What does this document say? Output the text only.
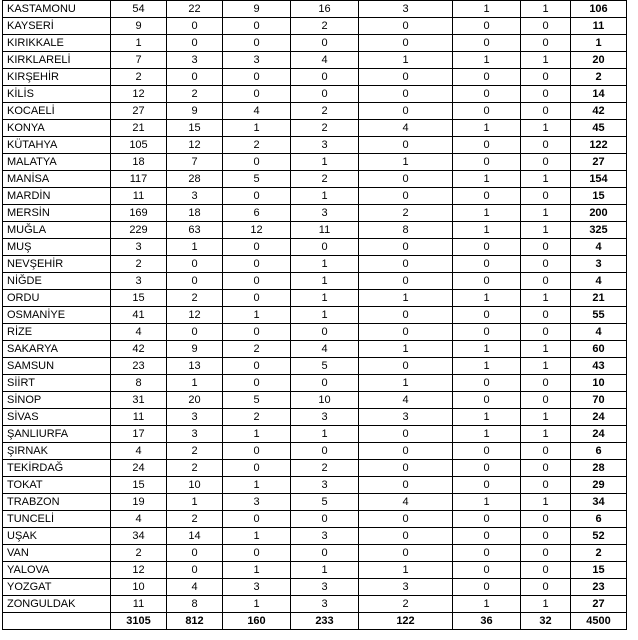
KASTAMONU	54	22	9	16	3	1	1	106
KAYSERİ	9	0	0	2	0	0	0	11
KIRIKKALE	1	0	0	0	0	0	0	1
KIRKLARELİ	7	3	3	4	1	1	1	20
KIRŞEHİR	2	0	0	0	0	0	0	2
KİLİS	12	2	0	0	0	0	0	14
KOCAELİ	27	9	4	2	0	0	0	42
KONYA	21	15	1	2	4	1	1	45
KÜTAHYA	105	12	2	3	0	0	0	122
MALATYA	18	7	0	1	1	0	0	27
MANİSA	117	28	5	2	0	1	1	154
MARDİN	11	3	0	1	0	0	0	15
MERSİN	169	18	6	3	2	1	1	200
MUĞLA	229	63	12	11	8	1	1	325
MUŞ	3	1	0	0	0	0	0	4
NEVŞEHİR	2	0	0	1	0	0	0	3
NİĞDE	3	0	0	1	0	0	0	4
ORDU	15	2	0	1	1	1	1	21
OSMANİYE	41	12	1	1	0	0	0	55
RİZE	4	0	0	0	0	0	0	4
SAKARYA	42	9	2	4	1	1	1	60
SAMSUN	23	13	0	5	0	1	1	43
SİİRT	8	1	0	0	1	0	0	10
SİNOP	31	20	5	10	4	0	0	70
SİVAS	11	3	2	3	3	1	1	24
ŞANLIURFA	17	3	1	1	0	1	1	24
ŞIRNAK	4	2	0	0	0	0	0	6
TEKİRDAĞ	24	2	0	2	0	0	0	28
TOKAT	15	10	1	3	0	0	0	29
TRABZON	19	1	3	5	4	1	1	34
TUNCELİ	4	2	0	0	0	0	0	6
UŞAK	34	14	1	3	0	0	0	52
VAN	2	0	0	0	0	0	0	2
YALOVA	12	0	1	1	1	0	0	15
YOZGAT	10	4	3	3	3	0	0	23
ZONGULDAK	11	8	1	3	2	1	1	27
	3105	812	160	233	122	36	32	4500
